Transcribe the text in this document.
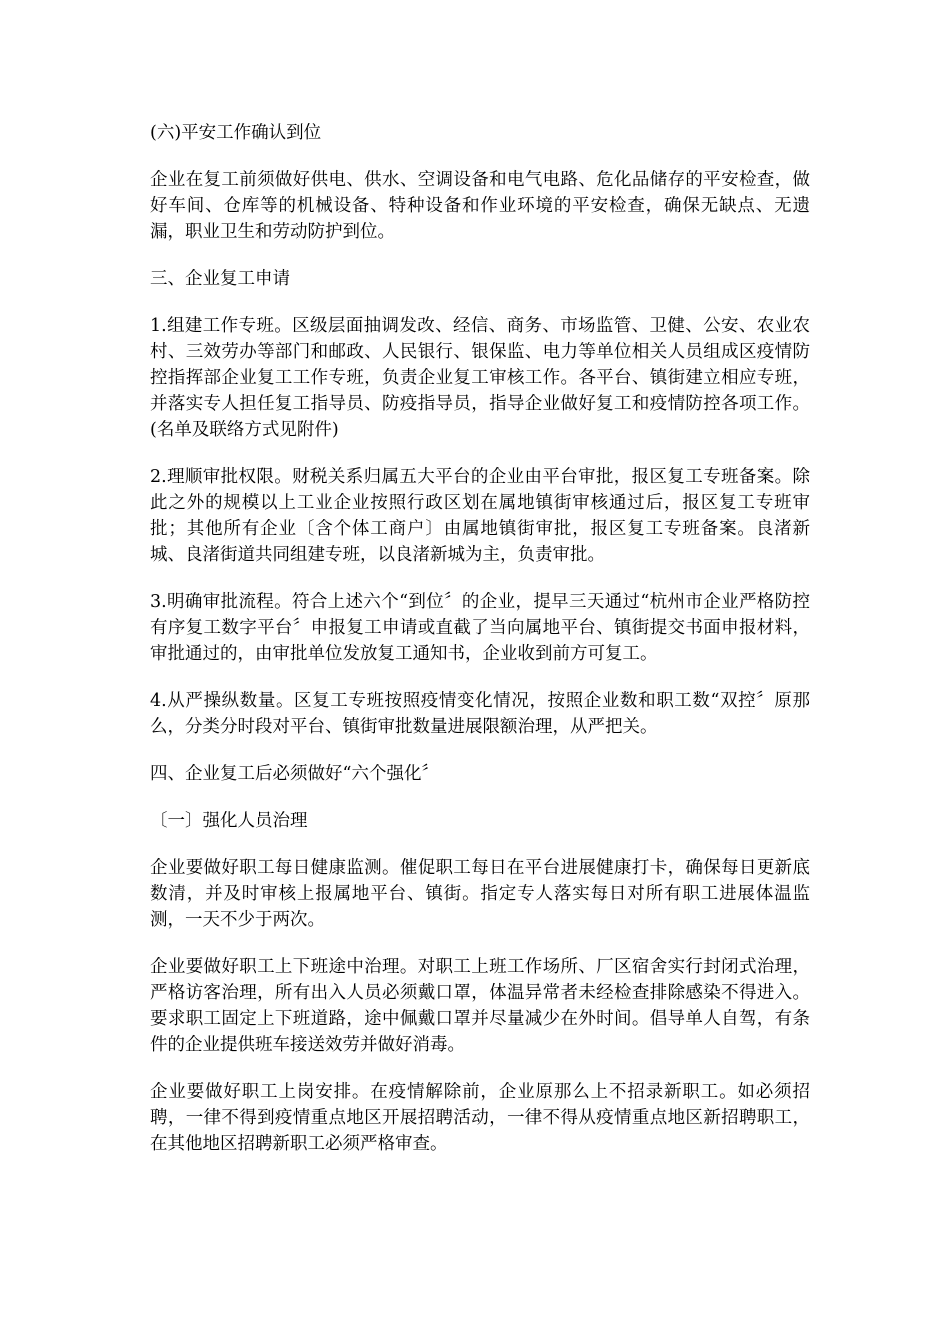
(六)平安工作确认到位

企业在复工前须做好供电、供水、空调设备和电气电路、危化品储存的平安检查，做好车间、仓库等的机械设备、特种设备和作业环境的平安检查，确保无缺点、无遗漏，职业卫生和劳动防护到位。

三、企业复工申请

1.组建工作专班。区级层面抽调发改、经信、商务、市场监管、卫健、公安、农业农村、三效劳办等部门和邮政、人民银行、银保监、电力等单位相关人员组成区疫情防控指挥部企业复工工作专班，负责企业复工审核工作。各平台、镇街建立相应专班，并落实专人担任复工指导员、防疫指导员，指导企业做好复工和疫情防控各项工作。(名单及联络方式见附件)

2.理顺审批权限。财税关系归属五大平台的企业由平台审批，报区复工专班备案。除此之外的规模以上工业企业按照行政区划在属地镇街审核通过后，报区复工专班审批；其他所有企业〔含个体工商户〕由属地镇街审批，报区复工专班备案。良渚新城、良渚街道共同组建专班，以良渚新城为主，负责审批。

3.明确审批流程。符合上述六个“到位〞的企业，提早三天通过“杭州市企业严格防控有序复工数字平台〞申报复工申请或直截了当向属地平台、镇街提交书面申报材料，审批通过的，由审批单位发放复工通知书，企业收到前方可复工。

4.从严操纵数量。区复工专班按照疫情变化情况，按照企业数和职工数“双控〞原那么，分类分时段对平台、镇街审批数量进展限额治理，从严把关。

四、企业复工后必须做好“六个强化〞

〔一〕强化人员治理

企业要做好职工每日健康监测。催促职工每日在平台进展健康打卡，确保每日更新底数清，并及时审核上报属地平台、镇街。指定专人落实每日对所有职工进展体温监测，一天不少于两次。

企业要做好职工上下班途中治理。对职工上班工作场所、厂区宿舍实行封闭式治理，严格访客治理，所有出入人员必须戴口罩，体温异常者未经检查排除感染不得进入。要求职工固定上下班道路，途中佩戴口罩并尽量减少在外时间。倡导单人自驾，有条件的企业提供班车接送效劳并做好消毒。

企业要做好职工上岗安排。在疫情解除前，企业原那么上不招录新职工。如必须招聘，一律不得到疫情重点地区开展招聘活动，一律不得从疫情重点地区新招聘职工，在其他地区招聘新职工必须严格审查。
